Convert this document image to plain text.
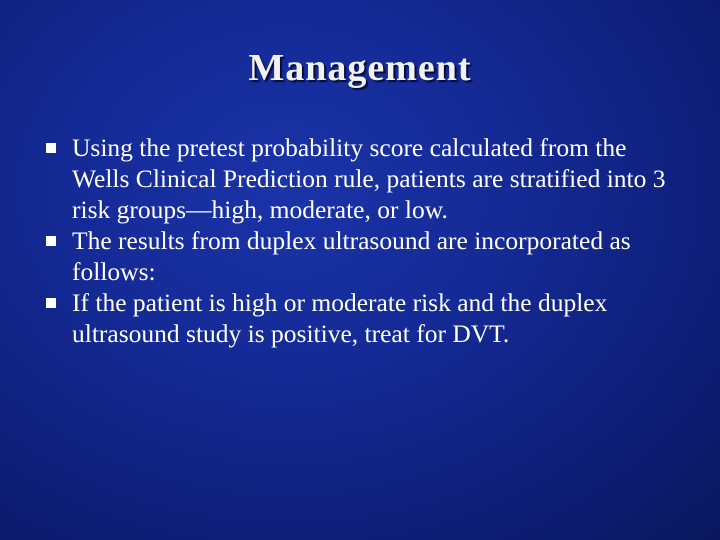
Management
Using the pretest probability score calculated from the Wells Clinical Prediction rule, patients are stratified into 3 risk groups—high, moderate, or low.
The results from duplex ultrasound are incorporated as follows:
If the patient is high or moderate risk and the duplex ultrasound study is positive, treat for DVT.
